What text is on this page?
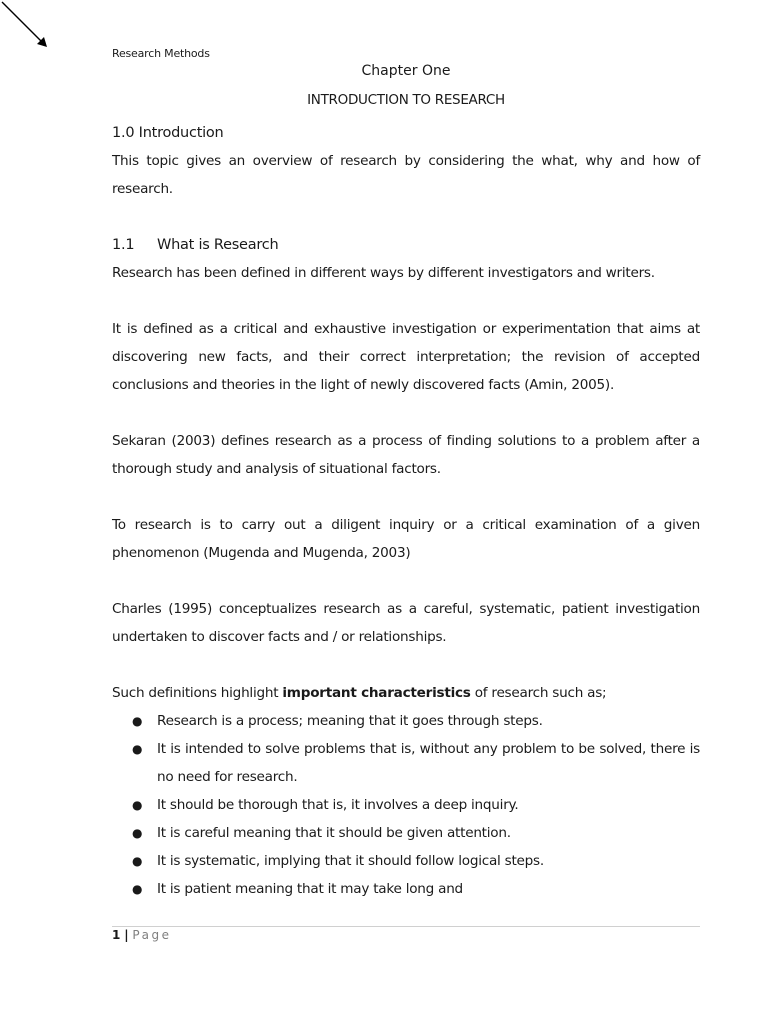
Research Methods
Chapter One
INTRODUCTION TO RESEARCH
1.0 Introduction

This topic gives an overview of research by considering the what, why and how of research.

1.1 What is Research

Research has been defined in different ways by different investigators and writers.

It is defined as a critical and exhaustive investigation or experimentation that aims at discovering new facts, and their correct interpretation; the revision of accepted conclusions and theories in the light of newly discovered facts (Amin, 2005).

Sekaran (2003) defines research as a process of finding solutions to a problem after a thorough study and analysis of situational factors.

To research is to carry out a diligent inquiry or a critical examination of a given phenomenon (Mugenda and Mugenda, 2003)

Charles (1995) conceptualizes research as a careful, systematic, patient investigation undertaken to discover facts and / or relationships.

Such definitions highlight important characteristics of research such as;

● Research is a process; meaning that it goes through steps.
● It is intended to solve problems that is, without any problem to be solved, there is no need for research.
● It should be thorough that is, it involves a deep inquiry.
● It is careful meaning that it should be given attention.
● It is systematic, implying that it should follow logical steps.
● It is patient meaning that it may take long and
1 | Page
